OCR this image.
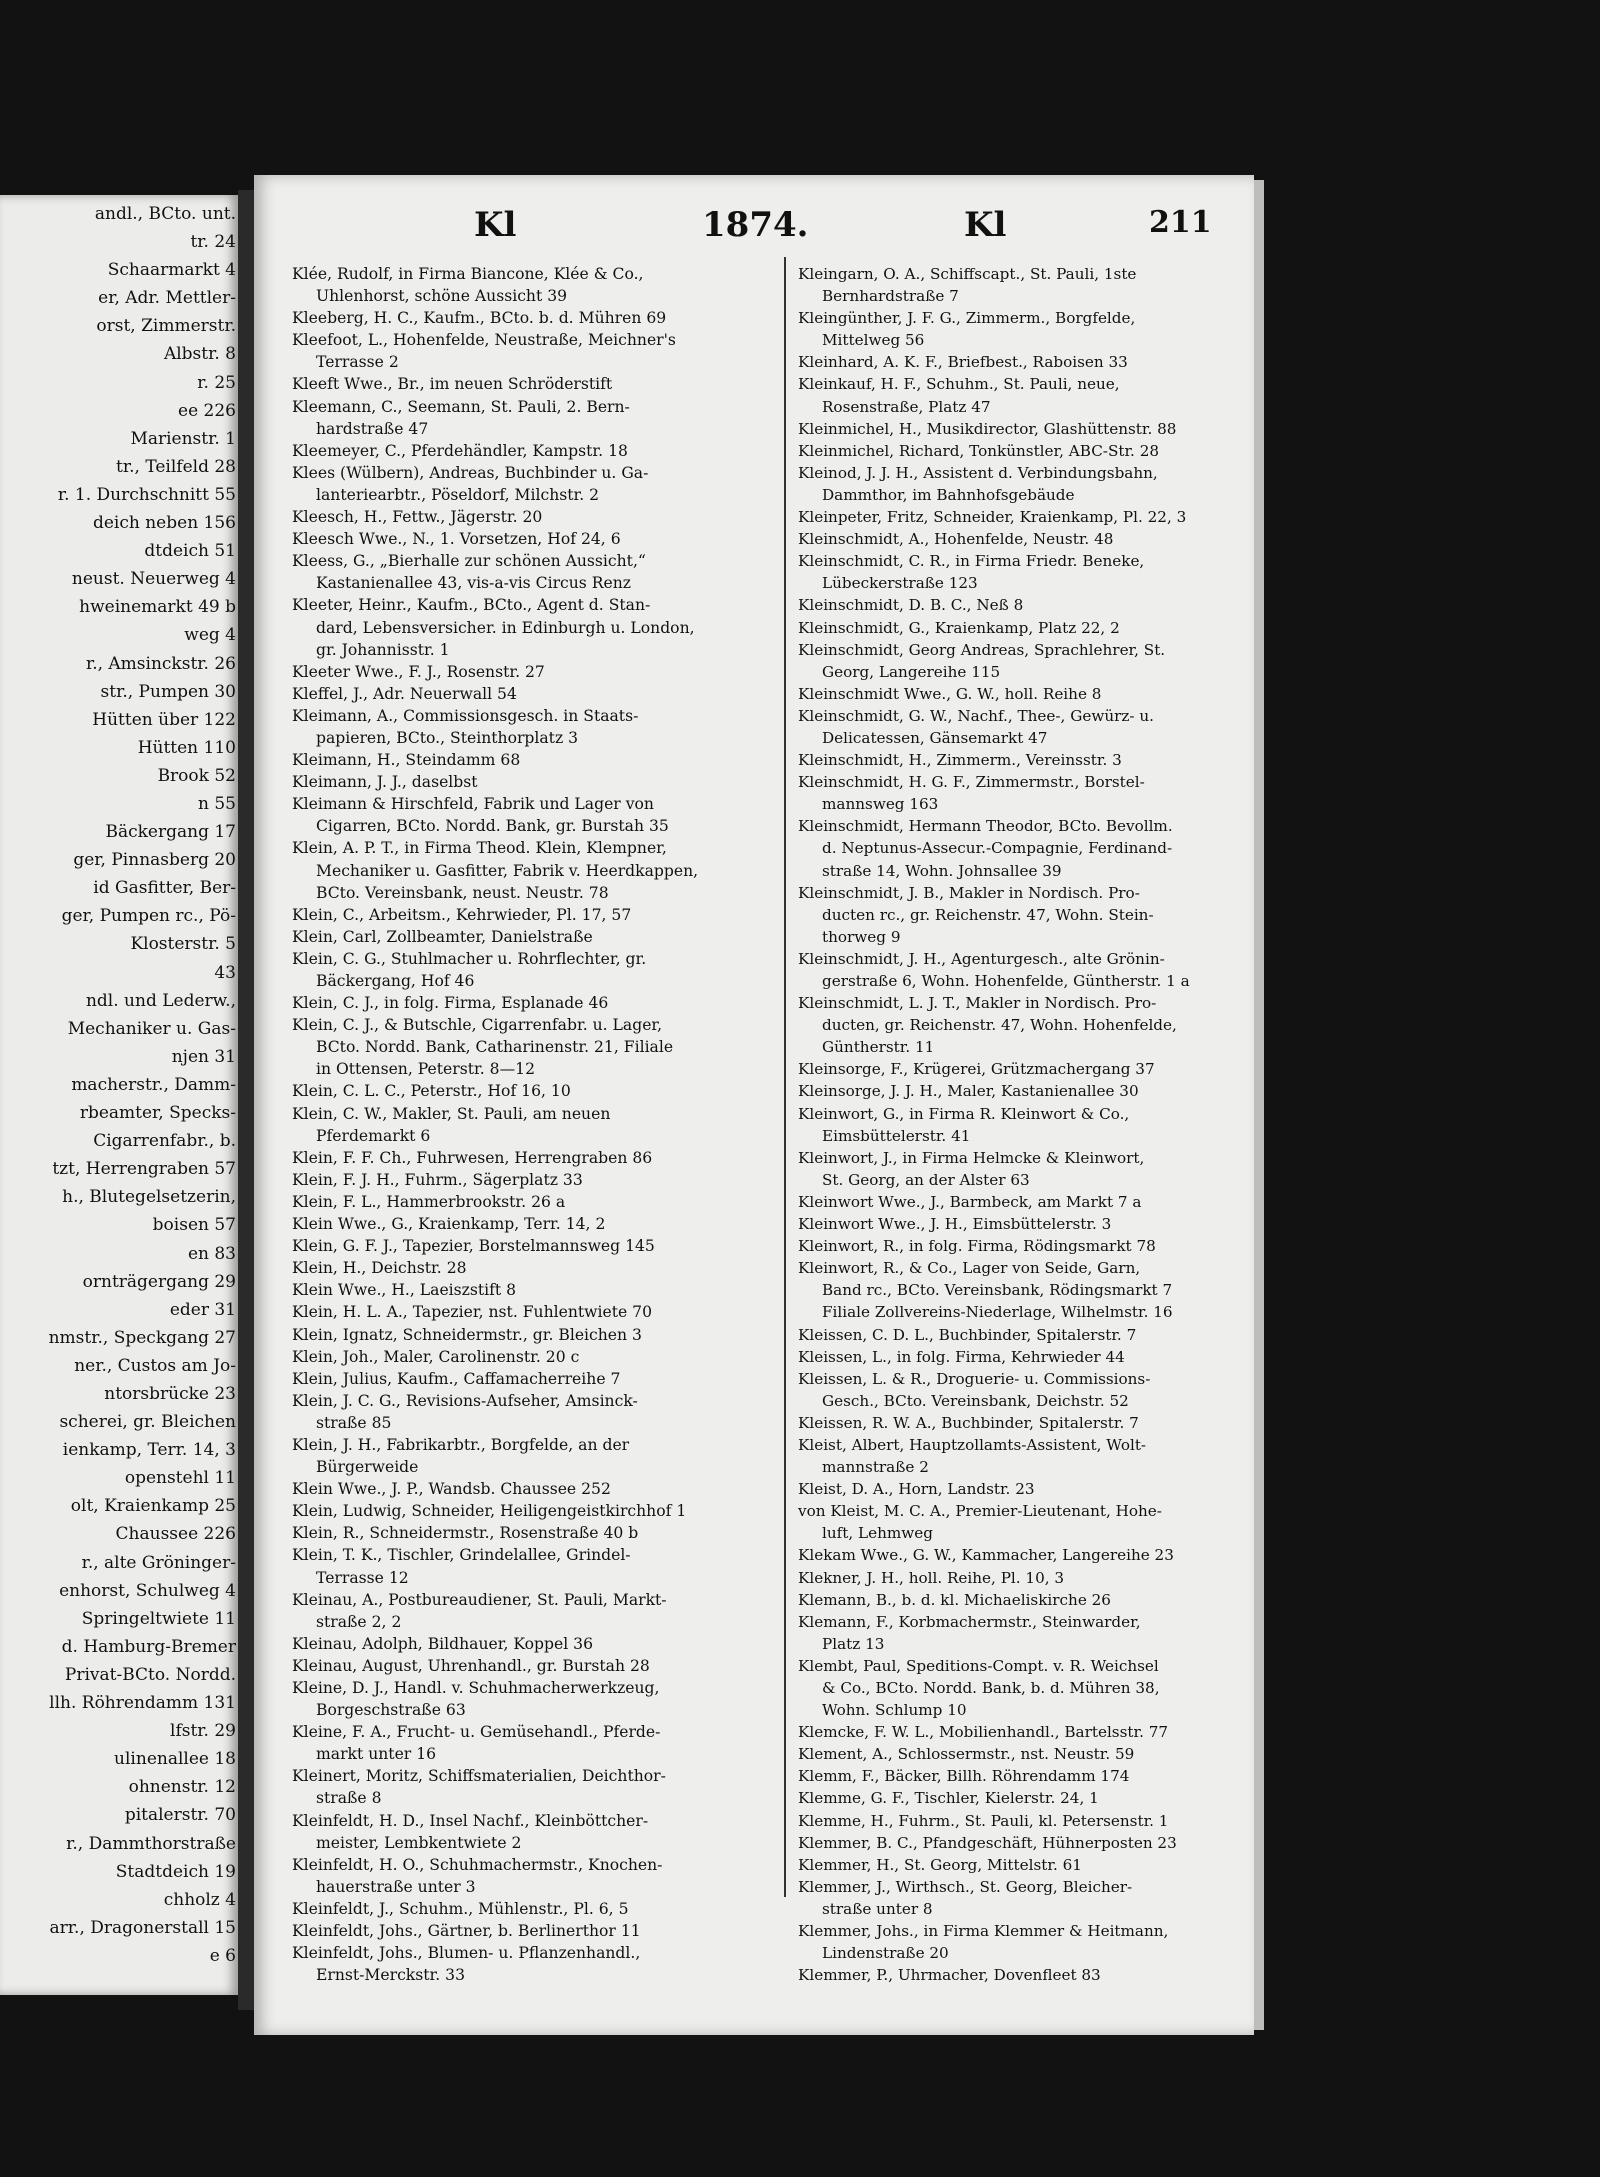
andl., BCto. unt.
tr. 24
Schaarmarkt 4
er, Adr. Mettler-
orst, Zimmerstr.
Albstr. 8
r. 25
ee 226
Marienstr. 1
tr., Teilfeld 28
r. 1. Durchschnitt 55
deich neben 156
dtdeich 51
neust. Neuerweg 4
hweinemarkt 49 b
weg 4
r., Amsinckstr. 26
str., Pumpen 30
Hütten über 122
Hütten 110
Brook 52
n 55
Bäckergang 17
ger, Pinnasberg 20
id Gasfitter, Ber-
ger, Pumpen rc., Pö-
Klosterstr. 5
43
ndl. und Lederw.,
Mechaniker u. Gas-
njen 31
macherstr., Damm-
rbeamter, Specks-
Cigarrenfabr., b.
tzt, Herrengraben 57
h., Blutegelsetzerin,
boisen 57
en 83
ornträgergang 29
eder 31
nmstr., Speckgang 27
ner., Custos am Jo-
ntorsbrücke 23
scherei, gr. Bleichen
ienkamp, Terr. 14, 3
openstehl 11
olt, Kraienkamp 25
Chaussee 226
r., alte Gröninger-
enhorst, Schulweg 4
Springeltwiete 11
d. Hamburg-Bremer
Privat-BCto. Nordd.
llh. Röhrendamm 131
lfstr. 29
ulinenallee 18
ohnenstr. 12
pitalerstr. 70
r., Dammthorstraße
Stadtdeich 19
chholz 4
arr., Dragonerstall 15
e 6
Kl	1874.	Kl	211

Klée, Rudolf, in Firma Biancone, Klée & Co.,
Uhlenhorst, schöne Aussicht 39

Kleeberg, H. C., Kaufm., BCto. b. d. Mühren 69

Kleefoot, L., Hohenfelde, Neustraße, Meichner's
Terrasse 2

Kleeft Wwe., Br., im neuen Schröderstift

Kleemann, C., Seemann, St. Pauli, 2. Bern-
hardstraße 47

Kleemeyer, C., Pferdehändler, Kampstr. 18

Klees (Wülbern), Andreas, Buchbinder u. Ga-
lanteriearbtr., Pöseldorf, Milchstr. 2

Kleesch, H., Fettw., Jägerstr. 20

Kleesch Wwe., N., 1. Vorsetzen, Hof 24, 6

Kleess, G., „Bierhalle zur schönen Aussicht,“
Kastanienallee 43, vis-a-vis Circus Renz

Kleeter, Heinr., Kaufm., BCto., Agent d. Stan-
dard, Lebensversicher. in Edinburgh u. London,
gr. Johannisstr. 1

Kleeter Wwe., F. J., Rosenstr. 27

Kleffel, J., Adr. Neuerwall 54

Kleimann, A., Commissionsgesch. in Staats-
papieren, BCto., Steinthorplatz 3

Kleimann, H., Steindamm 68

Kleimann, J. J., daselbst

Kleimann & Hirschfeld, Fabrik und Lager von
Cigarren, BCto. Nordd. Bank, gr. Burstah 35

Klein, A. P. T., in Firma Theod. Klein, Klempner,
Mechaniker u. Gasfitter, Fabrik v. Heerdkappen,
BCto. Vereinsbank, neust. Neustr. 78

Klein, C., Arbeitsm., Kehrwieder, Pl. 17, 57

Klein, Carl, Zollbeamter, Danielstraße

Klein, C. G., Stuhlmacher u. Rohrflechter, gr.
Bäckergang, Hof 46

Klein, C. J., in folg. Firma, Esplanade 46

Klein, C. J., & Butschle, Cigarrenfabr. u. Lager,
BCto. Nordd. Bank, Catharinenstr. 21, Filiale
in Ottensen, Peterstr. 8—12

Klein, C. L. C., Peterstr., Hof 16, 10

Klein, C. W., Makler, St. Pauli, am neuen
Pferdemarkt 6

Klein, F. F. Ch., Fuhrwesen, Herrengraben 86

Klein, F. J. H., Fuhrm., Sägerplatz 33

Klein, F. L., Hammerbrookstr. 26 a

Klein Wwe., G., Kraienkamp, Terr. 14, 2

Klein, G. F. J., Tapezier, Borstelmannsweg 145

Klein, H., Deichstr. 28

Klein Wwe., H., Laeiszstift 8

Klein, H. L. A., Tapezier, nst. Fuhlentwiete 70

Klein, Ignatz, Schneidermstr., gr. Bleichen 3

Klein, Joh., Maler, Carolinenstr. 20 c

Klein, Julius, Kaufm., Caffamacherreihe 7

Klein, J. C. G., Revisions-Aufseher, Amsinck-
straße 85

Klein, J. H., Fabrikarbtr., Borgfelde, an der
Bürgerweide

Klein Wwe., J. P., Wandsb. Chaussee 252

Klein, Ludwig, Schneider, Heiligengeistkirchhof 1

Klein, R., Schneidermstr., Rosenstraße 40 b

Klein, T. K., Tischler, Grindelallee, Grindel-
Terrasse 12

Kleinau, A., Postbureaudiener, St. Pauli, Markt-
straße 2, 2

Kleinau, Adolph, Bildhauer, Koppel 36

Kleinau, August, Uhrenhandl., gr. Burstah 28

Kleine, D. J., Handl. v. Schuhmacherwerkzeug,
Borgeschstraße 63

Kleine, F. A., Frucht- u. Gemüsehandl., Pferde-
markt unter 16

Kleinert, Moritz, Schiffsmaterialien, Deichthor-
straße 8

Kleinfeldt, H. D., Insel Nachf., Kleinböttcher-
meister, Lembkentwiete 2

Kleinfeldt, H. O., Schuhmachermstr., Knochen-
hauerstraße unter 3

Kleinfeldt, J., Schuhm., Mühlenstr., Pl. 6, 5

Kleinfeldt, Johs., Gärtner, b. Berlinerthor 11

Kleinfeldt, Johs., Blumen- u. Pflanzenhandl.,
Ernst-Merckstr. 33

Kleingarn, O. A., Schiffscapt., St. Pauli, 1ste
Bernhardstraße 7

Kleingünther, J. F. G., Zimmerm., Borgfelde,
Mittelweg 56

Kleinhard, A. K. F., Briefbest., Raboisen 33

Kleinkauf, H. F., Schuhm., St. Pauli, neue,
Rosenstraße, Platz 47

Kleinmichel, H., Musikdirector, Glashüttenstr. 88

Kleinmichel, Richard, Tonkünstler, ABC-Str. 28

Kleinod, J. J. H., Assistent d. Verbindungsbahn,
Dammthor, im Bahnhofsgebäude

Kleinpeter, Fritz, Schneider, Kraienkamp, Pl. 22, 3

Kleinschmidt, A., Hohenfelde, Neustr. 48

Kleinschmidt, C. R., in Firma Friedr. Beneke,
Lübeckerstraße 123

Kleinschmidt, D. B. C., Neß 8

Kleinschmidt, G., Kraienkamp, Platz 22, 2

Kleinschmidt, Georg Andreas, Sprachlehrer, St.
Georg, Langereihe 115

Kleinschmidt Wwe., G. W., holl. Reihe 8

Kleinschmidt, G. W., Nachf., Thee-, Gewürz- u.
Delicatessen, Gänsemarkt 47

Kleinschmidt, H., Zimmerm., Vereinsstr. 3

Kleinschmidt, H. G. F., Zimmermstr., Borstel-
mannsweg 163

Kleinschmidt, Hermann Theodor, BCto. Bevollm.
d. Neptunus-Assecur.-Compagnie, Ferdinand-
straße 14, Wohn. Johnsallee 39

Kleinschmidt, J. B., Makler in Nordisch. Pro-
ducten rc., gr. Reichenstr. 47, Wohn. Stein-
thorweg 9

Kleinschmidt, J. H., Agenturgesch., alte Grönin-
gerstraße 6, Wohn. Hohenfelde, Güntherstr. 1 a

Kleinschmidt, L. J. T., Makler in Nordisch. Pro-
ducten, gr. Reichenstr. 47, Wohn. Hohenfelde,
Güntherstr. 11

Kleinsorge, F., Krügerei, Grützmachergang 37

Kleinsorge, J. J. H., Maler, Kastanienallee 30

Kleinwort, G., in Firma R. Kleinwort & Co.,
Eimsbüttelerstr. 41

Kleinwort, J., in Firma Helmcke & Kleinwort,
St. Georg, an der Alster 63

Kleinwort Wwe., J., Barmbeck, am Markt 7 a

Kleinwort Wwe., J. H., Eimsbüttelerstr. 3

Kleinwort, R., in folg. Firma, Rödingsmarkt 78

Kleinwort, R., & Co., Lager von Seide, Garn,
Band rc., BCto. Vereinsbank, Rödingsmarkt 7
Filiale Zollvereins-Niederlage, Wilhelmstr. 16

Kleissen, C. D. L., Buchbinder, Spitalerstr. 7

Kleissen, L., in folg. Firma, Kehrwieder 44

Kleissen, L. & R., Droguerie- u. Commissions-
Gesch., BCto. Vereinsbank, Deichstr. 52

Kleissen, R. W. A., Buchbinder, Spitalerstr. 7

Kleist, Albert, Hauptzollamts-Assistent, Wolt-
mannstraße 2

Kleist, D. A., Horn, Landstr. 23

von Kleist, M. C. A., Premier-Lieutenant, Hohe-
luft, Lehmweg

Klekam Wwe., G. W., Kammacher, Langereihe 23

Klekner, J. H., holl. Reihe, Pl. 10, 3

Klemann, B., b. d. kl. Michaeliskirche 26

Klemann, F., Korbmachermstr., Steinwarder,
Platz 13

Klembt, Paul, Speditions-Compt. v. R. Weichsel
& Co., BCto. Nordd. Bank, b. d. Mühren 38,
Wohn. Schlump 10

Klemcke, F. W. L., Mobilienhandl., Bartelsstr. 77

Klement, A., Schlossermstr., nst. Neustr. 59

Klemm, F., Bäcker, Billh. Röhrendamm 174

Klemme, G. F., Tischler, Kielerstr. 24, 1

Klemme, H., Fuhrm., St. Pauli, kl. Petersenstr. 1

Klemmer, B. C., Pfandgeschäft, Hühnerposten 23

Klemmer, H., St. Georg, Mittelstr. 61

Klemmer, J., Wirthsch., St. Georg, Bleicher-
straße unter 8

Klemmer, Johs., in Firma Klemmer & Heitmann,
Lindenstraße 20

Klemmer, P., Uhrmacher, Dovenfleet 83
